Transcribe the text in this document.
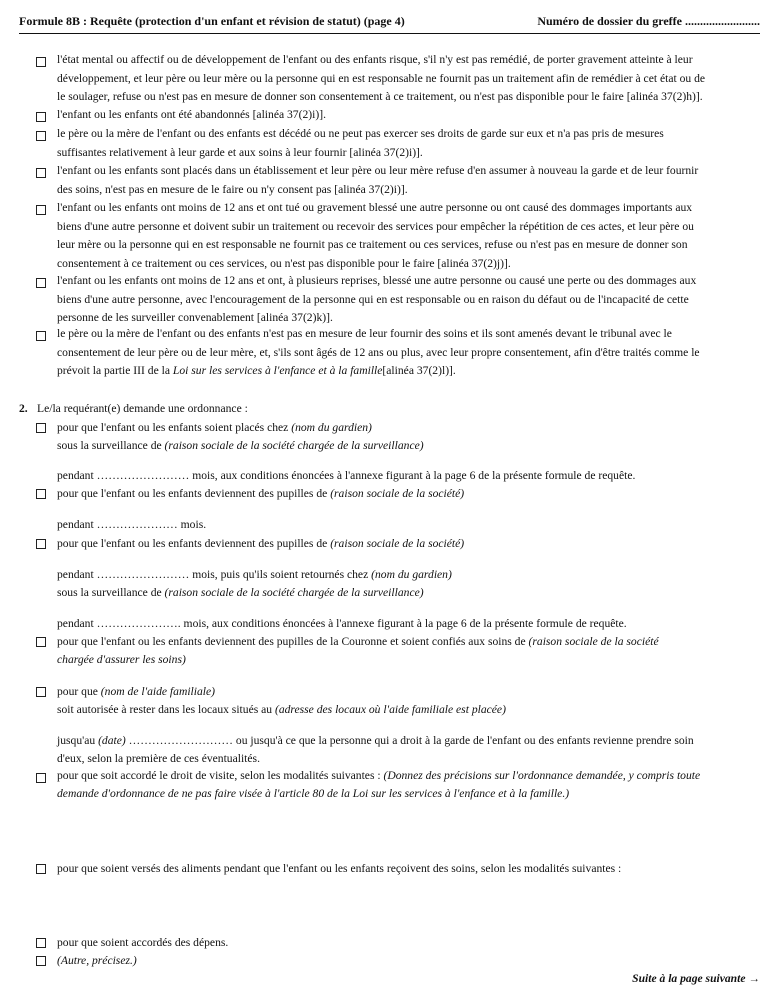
Formule 8B : Requête (protection d'un enfant et révision de statut) (page 4)	Numéro de dossier du greffe .........................
l'état mental ou affectif ou de développement de l'enfant ou des enfants risque, s'il n'y est pas remédié, de porter gravement atteinte à leur
développement, et leur père ou leur mère ou la personne qui en est responsable ne fournit pas un traitement afin de remédier à cet état ou de
le soulager, refuse ou n'est pas en mesure de donner son consentement à ce traitement, ou n'est pas disponible pour le faire [alinéa 37(2)h)].
l'enfant ou les enfants ont été abandonnés [alinéa 37(2)i)].
le père ou la mère de l'enfant ou des enfants est décédé ou ne peut pas exercer ses droits de garde sur eux et n'a pas pris de mesures
suffisantes relativement à leur garde et aux soins à leur fournir [alinéa 37(2)i)].
l'enfant ou les enfants sont placés dans un établissement et leur père ou leur mère refuse d'en assumer à nouveau la garde et de leur fournir
des soins, n'est pas en mesure de le faire ou n'y consent pas [alinéa 37(2)i)].
l'enfant ou les enfants ont moins de 12 ans et ont tué ou gravement blessé une autre personne ou ont causé des dommages importants aux
biens d'une autre personne et doivent subir un traitement ou recevoir des services pour empêcher la répétition de ces actes, et leur père ou
leur mère ou la personne qui en est responsable ne fournit pas ce traitement ou ces services, refuse ou n'est pas en mesure de donner son
consentement à ce traitement ou ces services, ou n'est pas disponible pour le faire [alinéa 37(2)j)].
l'enfant ou les enfants ont moins de 12 ans et ont, à plusieurs reprises, blessé une autre personne ou causé une perte ou des dommages aux
biens d'une autre personne, avec l'encouragement de la personne qui en est responsable ou en raison du défaut ou de l'incapacité de cette
personne de les surveiller convenablement [alinéa 37(2)k)].
le père ou la mère de l'enfant ou des enfants n'est pas en mesure de leur fournir des soins et ils sont amenés devant le tribunal avec le
consentement de leur père ou de leur mère, et, s'ils sont âgés de 12 ans ou plus, avec leur propre consentement, afin d'être traités comme le
prévoit la partie III de la Loi sur les services à l'enfance et à la famille[alinéa 37(2)l)].
2. Le/la requérant(e) demande une ordonnance :
pour que l'enfant ou les enfants soient placés chez (nom du gardien)
sous la surveillance de (raison sociale de la société chargée de la surveillance)
pendant …………………… mois, aux conditions énoncées à l'annexe figurant à la page 6 de la présente formule de requête.
pour que l'enfant ou les enfants deviennent des pupilles de (raison sociale de la société)
pendant ………………… mois.
pour que l'enfant ou les enfants deviennent des pupilles de (raison sociale de la société)
pendant …………………… mois, puis qu'ils soient retournés chez (nom du gardien)
sous la surveillance de (raison sociale de la société chargée de la surveillance)
pendant …………………. mois, aux conditions énoncées à l'annexe figurant à la page 6 de la présente formule de requête.
pour que l'enfant ou les enfants deviennent des pupilles de la Couronne et soient confiés aux soins de (raison sociale de la société
chargée d'assurer les soins)
pour que (nom de l'aide familiale)
soit autorisée à rester dans les locaux situés au (adresse des locaux où l'aide familiale est placée)
jusqu'au (date) ……………………… ou jusqu'à ce que la personne qui a droit à la garde de l'enfant ou des enfants revienne prendre soin
d'eux, selon la première de ces éventualités.
pour que soit accordé le droit de visite, selon les modalités suivantes : (Donnez des précisions sur l'ordonnance demandée, y compris toute
demande d'ordonnance de ne pas faire visée à l'article 80 de la Loi sur les services à l'enfance et à la famille.)
pour que soient versés des aliments pendant que l'enfant ou les enfants reçoivent des soins, selon les modalités suivantes :
pour que soient accordés des dépens.
(Autre, précisez.)
Suite à la page suivante →
